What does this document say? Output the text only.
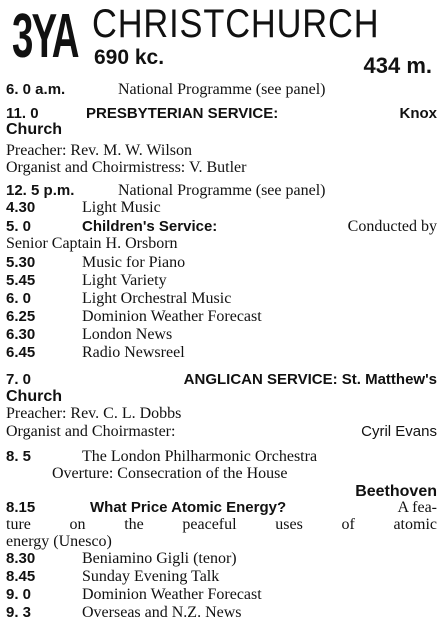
3YA CHRISTCHURCH
690 kc.	434 m.
6. 0 a.m.	National Programme (see panel)
11. 0	PRESBYTERIAN SERVICE:	Knox
Church
Preacher: Rev. M. W. Wilson
Organist and Choirmistress: V. Butler
12. 5 p.m.	National Programme (see panel)
4.30	Light Music
5. 0	Children's Service:	Conducted by
Senior Captain H. Orsborn
5.30	Music for Piano
5.45	Light Variety
6. 0	Light Orchestral Music
6.25	Dominion Weather Forecast
6.30	London News
6.45	Radio Newsreel
7. 0	ANGLICAN SERVICE: St. Matthew's
Church
Preacher: Rev. C. L. Dobbs
Organist and Choirmaster:	Cyril Evans
8. 5	The London Philharmonic Orchestra
Overture: Consecration of the House
Beethoven
8.15	What Price Atomic Energy?	A fea-
ture on the peaceful uses of atomic
energy (Unesco)
8.30	Beniamino Gigli (tenor)
8.45	Sunday Evening Talk
9. 0	Dominion Weather Forecast
9. 3	Overseas and N.Z. News
